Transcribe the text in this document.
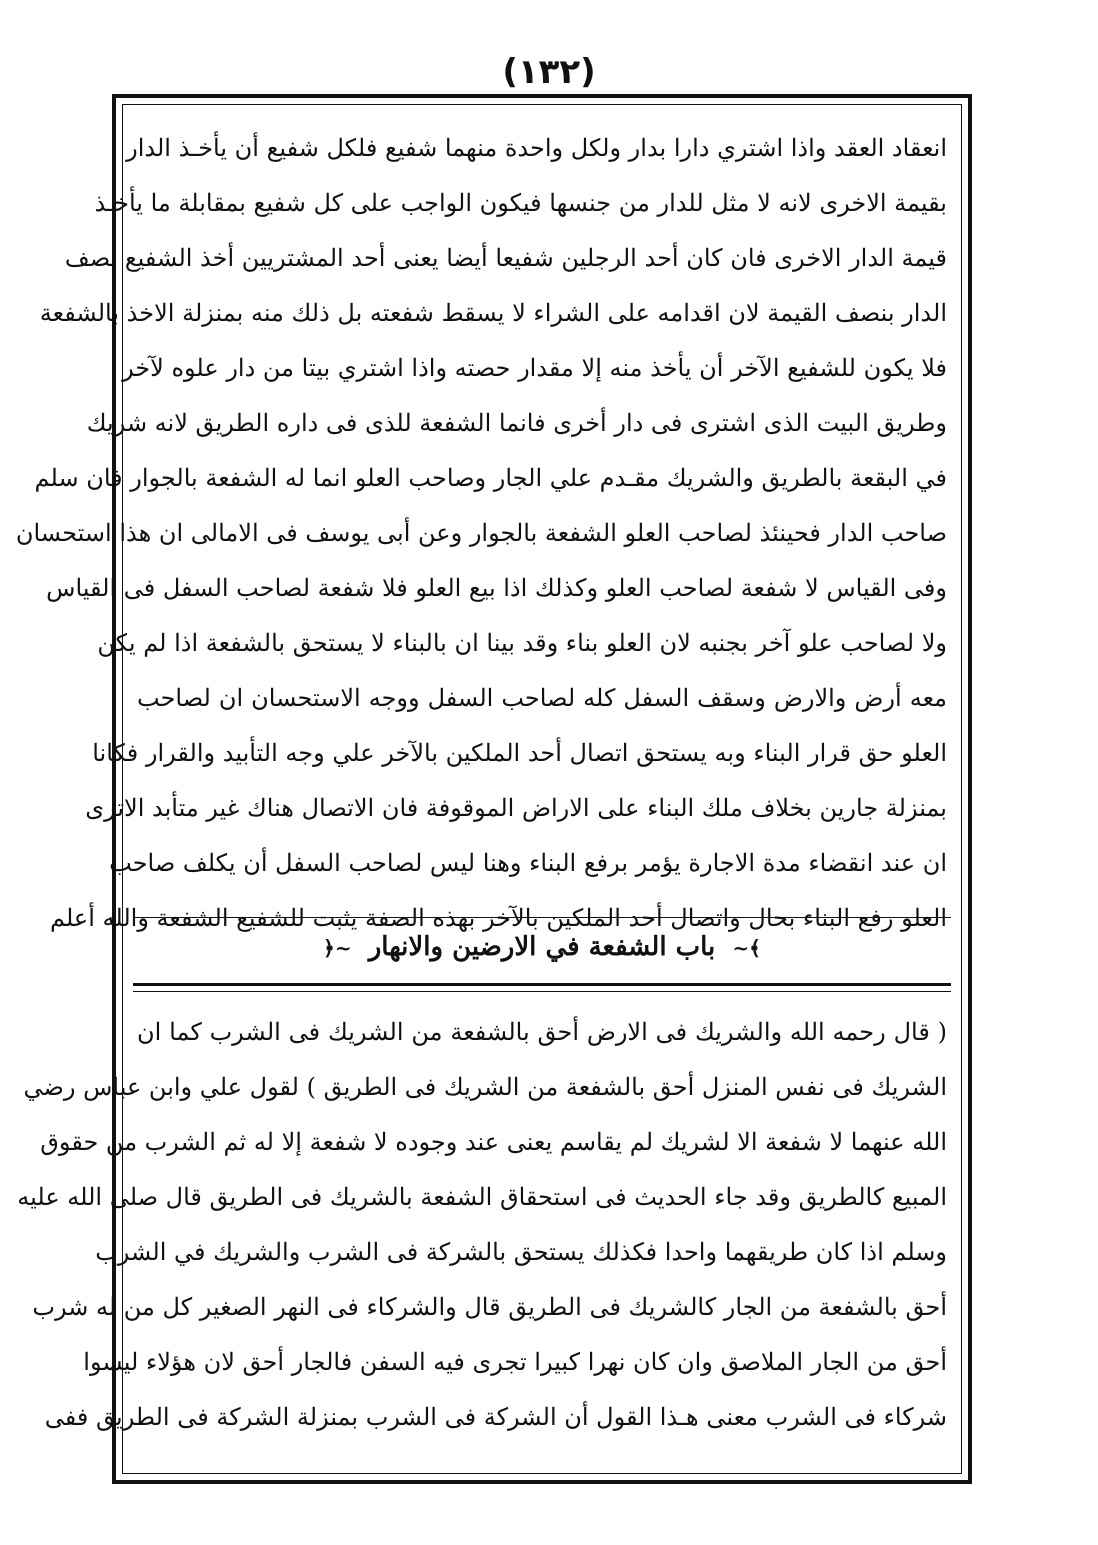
(١٣٢)
انعقاد العقد واذا اشتري دارا بدار ولكل واحدة منهما شفيع فلكل شفيع أن يأخـذ الدار
بقيمة الاخرى لانه لا مثل للدار من جنسها فيكون الواجب على كل شفيع بمقابلة ما يأخـذ
قيمة الدار الاخرى فان كان أحد الرجلين شفيعا أيضا يعنى أحد المشتريين أخذ الشفيع نصف
الدار بنصف القيمة لان اقدامه على الشراء لا يسقط شفعته بل ذلك منه بمنزلة الاخذ بالشفعة
فلا يكون للشفيع الآخر أن يأخذ منه إلا مقدار حصته واذا اشتري بيتا من دار علوه لآخر
وطريق البيت الذى اشترى فى دار أخرى فانما الشفعة للذى فى داره الطريق لانه شريك
في البقعة بالطريق والشريك مقـدم علي الجار وصاحب العلو انما له الشفعة بالجوار فان سلم
صاحب الدار فحينئذ لصاحب العلو الشفعة بالجوار وعن أبى يوسف فى الامالى ان هذا استحسان
وفى القياس لا شفعة لصاحب العلو وكذلك اذا بيع العلو فلا شفعة لصاحب السفل فى القياس
ولا لصاحب علو آخر بجنبه لان العلو بناء وقد بينا ان بالبناء لا يستحق بالشفعة اذا لم يكن
معه أرض والارض وسقف السفل كله لصاحب السفل ووجه الاستحسان ان لصاحب
العلو حق قرار البناء وبه يستحق اتصال أحد الملكين بالآخر علي وجه التأبيد والقرار فكانا
بمنزلة جارين بخلاف ملك البناء على الاراض الموقوفة فان الاتصال هناك غير متأبد الاترى
ان عند انقضاء مدة الاجارة يؤمر برفع البناء وهنا ليس لصاحب السفل أن يكلف صاحب
العلو رفع البناء بحال واتصال أحد الملكين بالآخر بهذه الصفة يثبت للشفيع الشفعة والله أعلم
﴾~ باب الشفعة في الارضين والانهار ~﴿
( قال رحمه الله والشريك فى الارض أحق بالشفعة من الشريك فى الشرب كما ان
الشريك فى نفس المنزل أحق بالشفعة من الشريك فى الطريق ) لقول علي وابن عباس رضي
الله عنهما لا شفعة الا لشريك لم يقاسم يعنى عند وجوده لا شفعة إلا له ثم الشرب من حقوق
المبيع كالطريق وقد جاء الحديث فى استحقاق الشفعة بالشريك فى الطريق قال صلى الله عليه
وسلم اذا كان طريقهما واحدا فكذلك يستحق بالشركة فى الشرب والشريك في الشرب
أحق بالشفعة من الجار كالشريك فى الطريق قال والشركاء فى النهر الصغير كل من له شرب
أحق من الجار الملاصق وان كان نهرا كبيرا تجرى فيه السفن فالجار أحق لان هؤلاء ليسوا
شركاء فى الشرب معنى هـذا القول أن الشركة فى الشرب بمنزلة الشركة فى الطريق ففى
